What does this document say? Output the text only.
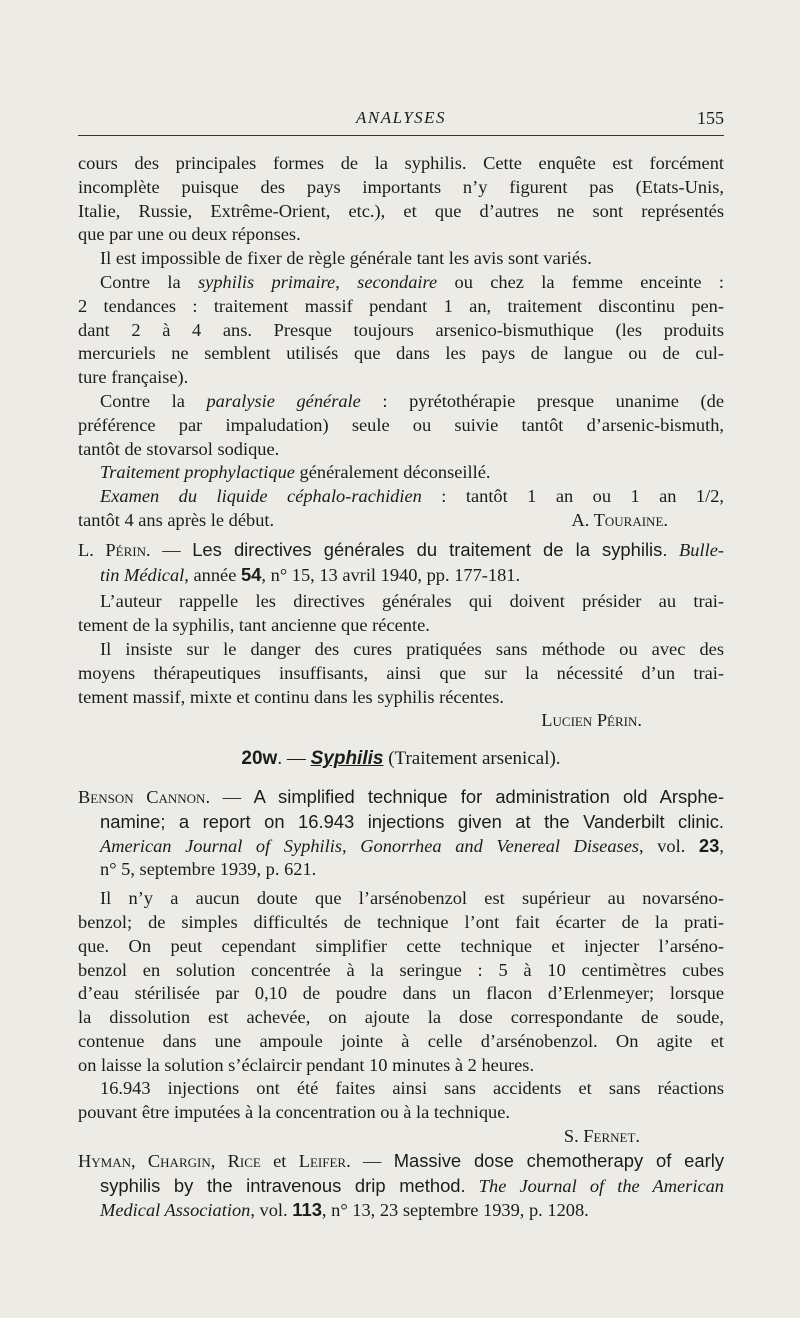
ANALYSES	155
cours des principales formes de la syphilis. Cette enquête est forcément
incomplète puisque des pays importants n’y figurent pas (Etats-Unis,
Italie, Russie, Extrême-Orient, etc.), et que d’autres ne sont représentés
que par une ou deux réponses.
Il est impossible de fixer de règle générale tant les avis sont variés.
Contre la syphilis primaire, secondaire ou chez la femme enceinte :
2 tendances : traitement massif pendant 1 an, traitement discontinu pen-
dant 2 à 4 ans. Presque toujours arsenico-bismuthique (les produits
mercuriels ne semblent utilisés que dans les pays de langue ou de cul-
ture française).
Contre la paralysie générale : pyrétothérapie presque unanime (de
préférence par impaludation) seule ou suivie tantôt d’arsenic-bismuth,
tantôt de stovarsol sodique.
Traitement prophylactique généralement déconseillé.
Examen du liquide céphalo-rachidien : tantôt 1 an ou 1 an 1/2,
tantôt 4 ans après le début.	A. Touraine.
L. Périn. — Les directives générales du traitement de la syphilis. Bulle-
tin Médical, année 54, n° 15, 13 avril 1940, pp. 177-181.
L’auteur rappelle les directives générales qui doivent présider au trai-
tement de la syphilis, tant ancienne que récente.
Il insiste sur le danger des cures pratiquées sans méthode ou avec des
moyens thérapeutiques insuffisants, ainsi que sur la nécessité d’un trai-
tement massif, mixte et continu dans les syphilis récentes.
Lucien Périn.
20w. — Syphilis (Traitement arsenical).
Benson Cannon. — A simplified technique for administration old Arsphe-
namine; a report on 16.943 injections given at the Vanderbilt clinic.
American Journal of Syphilis, Gonorrhea and Venereal Diseases, vol. 23,
n° 5, septembre 1939, p. 621.
Il n’y a aucun doute que l’arsénobenzol est supérieur au novarséno-
benzol; de simples difficultés de technique l’ont fait écarter de la prati-
que. On peut cependant simplifier cette technique et injecter l’arséno-
benzol en solution concentrée à la seringue : 5 à 10 centimètres cubes
d’eau stérilisée par 0,10 de poudre dans un flacon d’Erlenmeyer; lorsque
la dissolution est achevée, on ajoute la dose correspondante de soude,
contenue dans une ampoule jointe à celle d’arsénobenzol. On agite et
on laisse la solution s’éclaircir pendant 10 minutes à 2 heures.
16.943 injections ont été faites ainsi sans accidents et sans réactions
pouvant être imputées à la concentration ou à la technique.
S. Fernet.
Hyman, Chargin, Rice et Leifer. — Massive dose chemotherapy of early
syphilis by the intravenous drip method. The Journal of the American
Medical Association, vol. 113, n° 13, 23 septembre 1939, p. 1208.
